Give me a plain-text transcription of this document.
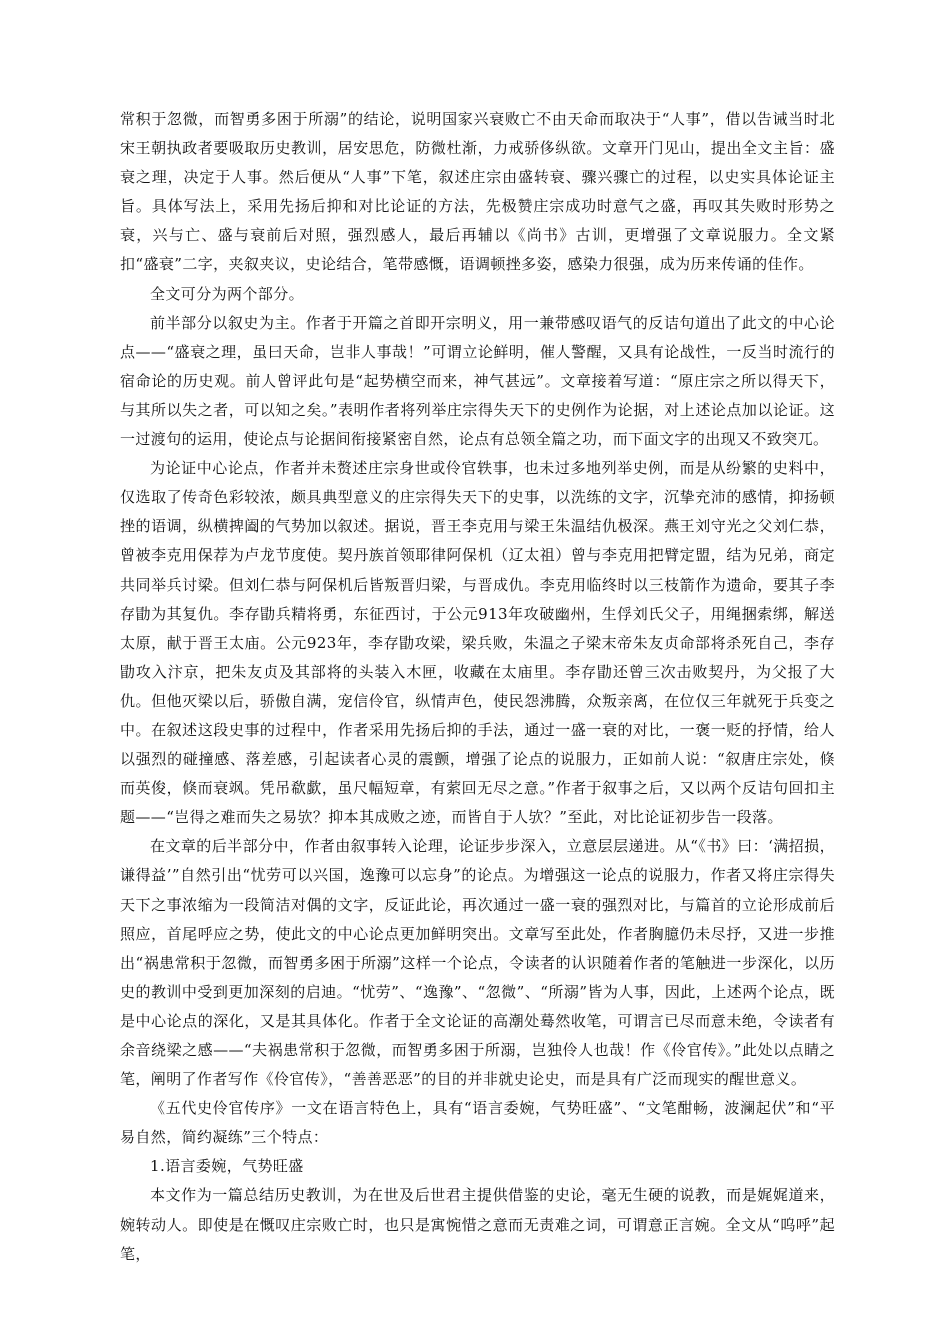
常积于忽微，而智勇多困于所溺”的结论，说明国家兴衰败亡不由天命而取决于“人事”，借以告诫当时北宋王朝执政者要吸取历史教训，居安思危，防微杜渐，力戒骄侈纵欲。文章开门见山，提出全文主旨：盛衰之理，决定于人事。然后便从“人事”下笔，叙述庄宗由盛转衰、骤兴骤亡的过程，以史实具体论证主旨。具体写法上，采用先扬后抑和对比论证的方法，先极赞庄宗成功时意气之盛，再叹其失败时形势之衰，兴与亡、盛与衰前后对照，强烈感人，最后再辅以《尚书》古训，更增强了文章说服力。全文紧扣“盛衰”二字，夹叙夹议，史论结合，笔带感慨，语调顿挫多姿，感染力很强，成为历来传诵的佳作。

全文可分为两个部分。

前半部分以叙史为主。作者于开篇之首即开宗明义，用一兼带感叹语气的反诘句道出了此文的中心论点——“盛衰之理，虽曰天命，岂非人事哉！”可谓立论鲜明，催人警醒，又具有论战性，一反当时流行的宿命论的历史观。前人曾评此句是“起势横空而来，神气甚远”。文章接着写道：“原庄宗之所以得天下，与其所以失之者，可以知之矣。”表明作者将列举庄宗得失天下的史例作为论据，对上述论点加以论证。这一过渡句的运用，使论点与论据间衔接紧密自然，论点有总领全篇之功，而下面文字的出现又不致突兀。

为论证中心论点，作者并未赘述庄宗身世或伶官轶事，也未过多地列举史例，而是从纷繁的史料中，仅选取了传奇色彩较浓，颇具典型意义的庄宗得失天下的史事，以洗练的文字，沉挚充沛的感情，抑扬顿挫的语调，纵横捭阖的气势加以叙述。据说，晋王李克用与梁王朱温结仇极深。燕王刘守光之父刘仁恭，曾被李克用保荐为卢龙节度使。契丹族首领耶律阿保机（辽太祖）曾与李克用把臂定盟，结为兄弟，商定共同举兵讨梁。但刘仁恭与阿保机后皆叛晋归梁，与晋成仇。李克用临终时以三枝箭作为遗命，要其子李存勖为其复仇。李存勖兵精将勇，东征西讨，于公元913年攻破幽州，生俘刘氏父子，用绳捆索绑，解送太原，献于晋王太庙。公元923年，李存勖攻梁，梁兵败，朱温之子梁末帝朱友贞命部将杀死自己，李存勖攻入汴京，把朱友贞及其部将的头装入木匣，收藏在太庙里。李存勖还曾三次击败契丹，为父报了大仇。但他灭梁以后，骄傲自满，宠信伶官，纵情声色，使民怨沸腾，众叛亲离，在位仅三年就死于兵变之中。在叙述这段史事的过程中，作者采用先扬后抑的手法，通过一盛一衰的对比，一褒一贬的抒情，给人以强烈的碰撞感、落差感，引起读者心灵的震颤，增强了论点的说服力，正如前人说：“叙唐庄宗处，倏而英俊，倏而衰飒。凭吊欷歔，虽尺幅短章，有萦回无尽之意。”作者于叙事之后，又以两个反诘句回扣主题——“岂得之难而失之易欤？抑本其成败之迹，而皆自于人欤？”至此，对比论证初步告一段落。

在文章的后半部分中，作者由叙事转入论理，论证步步深入，立意层层递进。从“《书》曰：‘满招损，谦得益’”自然引出“忧劳可以兴国，逸豫可以忘身”的论点。为增强这一论点的说服力，作者又将庄宗得失天下之事浓缩为一段简洁对偶的文字，反证此论，再次通过一盛一衰的强烈对比，与篇首的立论形成前后照应，首尾呼应之势，使此文的中心论点更加鲜明突出。文章写至此处，作者胸臆仍未尽抒，又进一步推出“祸患常积于忽微，而智勇多困于所溺”这样一个论点，令读者的认识随着作者的笔触进一步深化，以历史的教训中受到更加深刻的启迪。“忧劳”、“逸豫”、“忽微”、“所溺”皆为人事，因此，上述两个论点，既是中心论点的深化，又是其具体化。作者于全文论证的高潮处蓦然收笔，可谓言已尽而意未绝，令读者有余音绕梁之感——“夫祸患常积于忽微，而智勇多困于所溺，岂独伶人也哉！作《伶官传》。”此处以点睛之笔，阐明了作者写作《伶官传》，“善善恶恶”的目的并非就史论史，而是具有广泛而现实的醒世意义。

《五代史伶官传序》一文在语言特色上，具有“语言委婉，气势旺盛”、“文笔酣畅，波澜起伏”和“平易自然，简约凝练”三个特点：

1.语言委婉，气势旺盛

本文作为一篇总结历史教训，为在世及后世君主提供借鉴的史论，毫无生硬的说教，而是娓娓道来，婉转动人。即使是在慨叹庄宗败亡时，也只是寓惋惜之意而无责难之词，可谓意正言婉。全文从“呜呼”起笔，
